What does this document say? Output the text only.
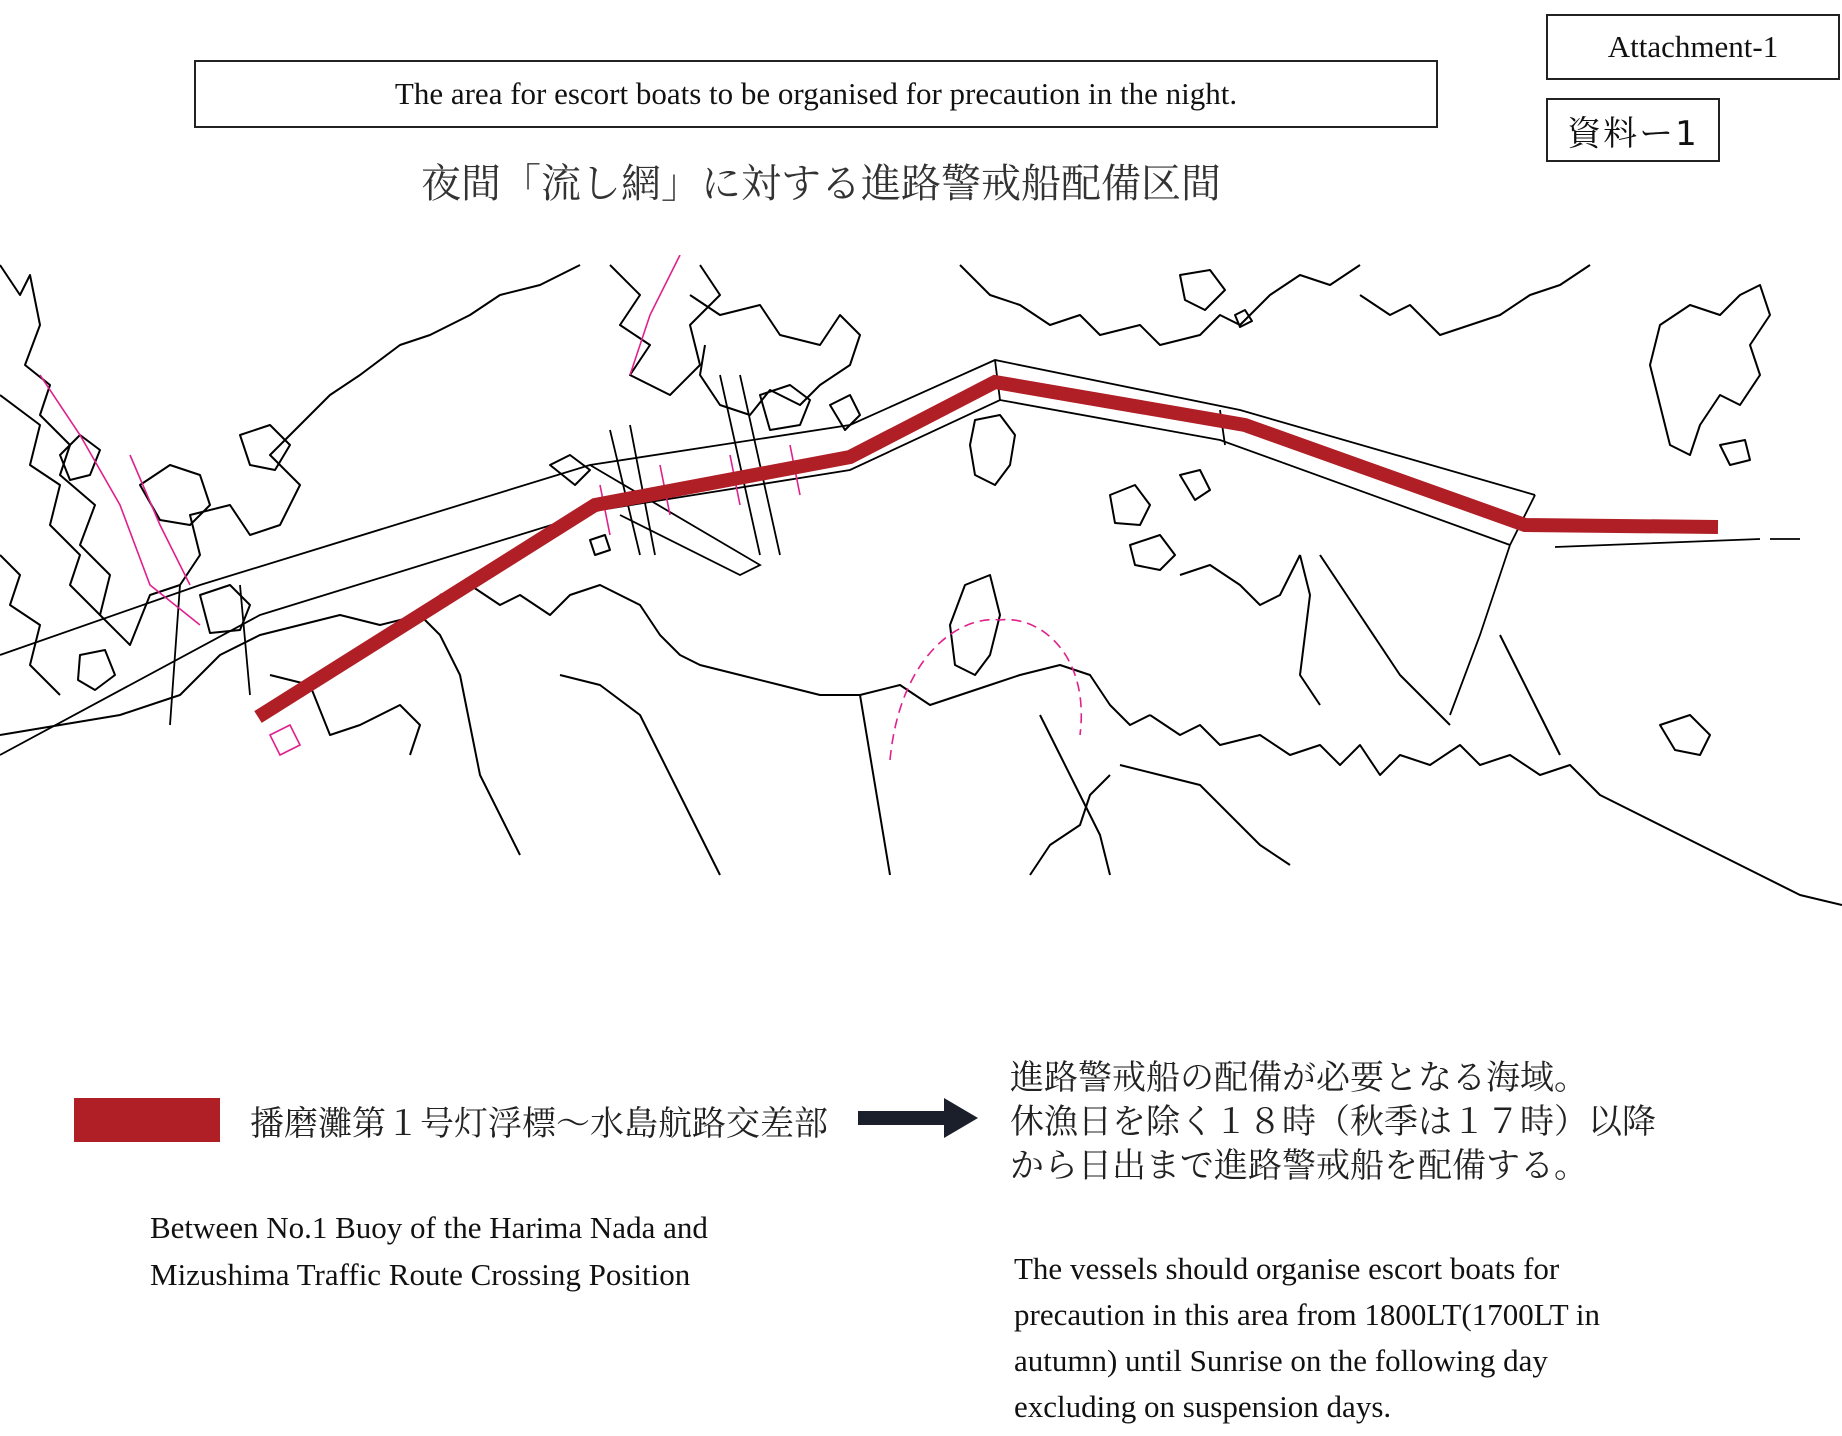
The area for escort boats to be organised for precaution in the night.
Attachment-1
資料ー1
夜間「流し網」に対する進路警戒船配備区間
播磨灘第１号灯浮標～水島航路交差部
進路警戒船の配備が必要となる海域。
休漁日を除く１８時（秋季は１７時）以降
から日出まで進路警戒船を配備する。
Between No.1 Buoy of the Harima Nada and
Mizushima Traffic Route Crossing Position	The vessels should organise escort boats for
precaution in this area from 1800LT(1700LT in
autumn) until Sunrise on the following day
excluding on suspension days.
